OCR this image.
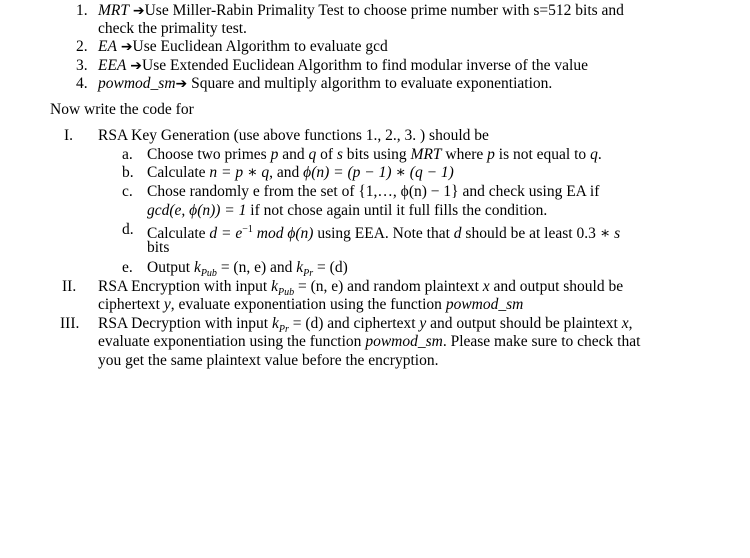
1. MRT ➔Use Miller-Rabin Primality Test to choose prime number with s=512 bits and
check the primality test.
2. EA ➔Use Euclidean Algorithm to evaluate gcd
3. EEA ➔Use Extended Euclidean Algorithm to find modular inverse of the value
4. powmod_sm➔ Square and multiply algorithm to evaluate exponentiation.
Now write the code for
I. RSA Key Generation (use above functions 1., 2., 3. ) should be
a. Choose two primes p and q of s bits using MRT where p is not equal to q.
b. Calculate n = p ∗ q, and ϕ(n) = (p − 1) ∗ (q − 1)
c. Chose randomly e from the set of {1,…, ϕ(n) − 1} and check using EA if
gcd(e, ϕ(n)) = 1 if not chose again until it full fills the condition.
d. Calculate $d = e^{-1}$ mod ϕ(n) using EEA. Note that d should be at least 0.3 ∗ s
bits
e. Output $k_{Pub} = (n$, e) and $k_{Pr} = (d)$
II. RSA Encryption with input $k_{Pub} = (n$, e) and random plaintext x and output should be
ciphertext y, evaluate exponentiation using the function powmod_sm
III. RSA Decryption with input $k_{Pr} = (d)$ and ciphertext y and output should be plaintext x,
evaluate exponentiation using the function powmod_sm. Please make sure to check that
you get the same plaintext value before the encryption.
